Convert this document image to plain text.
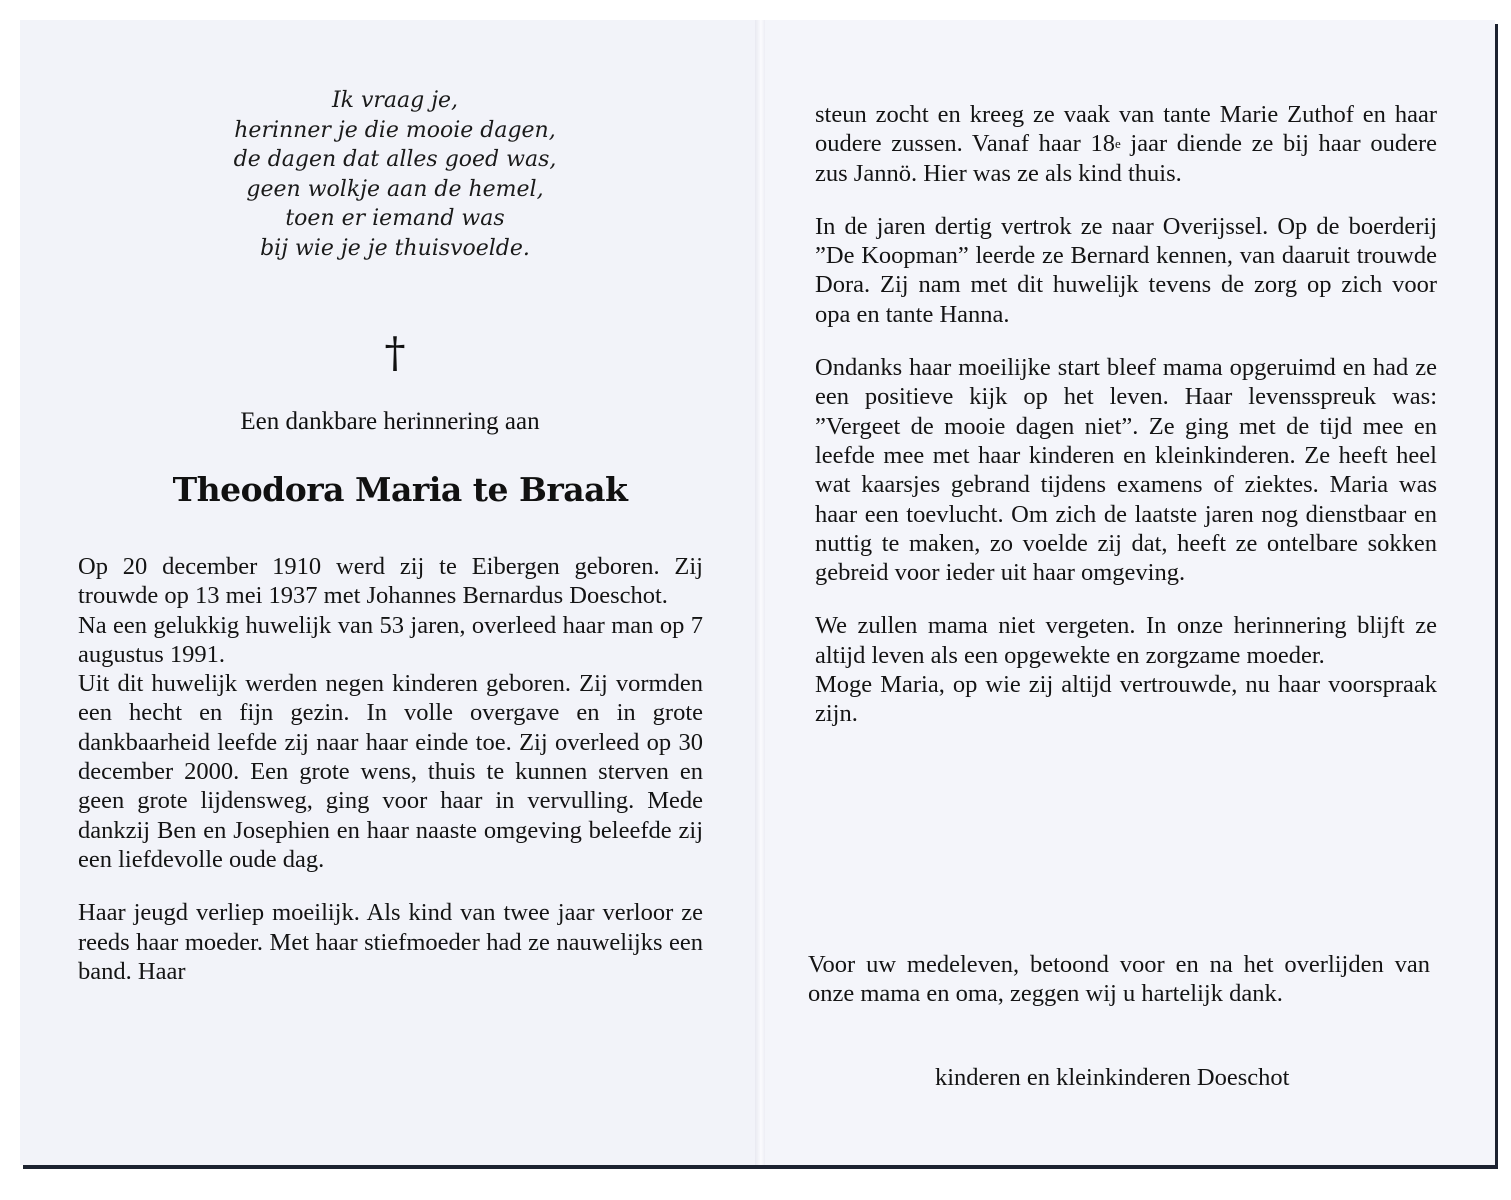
Ik vraag je,
herinner je die mooie dagen,
de dagen dat alles goed was,
geen wolkje aan de hemel,
toen er iemand was
bij wie je je thuisvoelde.
†
Een dankbare herinnering aan
Theodora Maria te Braak

Op 20 december 1910 werd zij te Eibergen geboren. Zij trouwde op 13 mei 1937 met Johannes Bernardus Doeschot.

Na een gelukkig huwelijk van 53 jaren, overleed haar man op 7 augustus 1991.

Uit dit huwelijk werden negen kinderen geboren. Zij vormden een hecht en fijn gezin. In volle overgave en in grote dankbaarheid leefde zij naar haar einde toe. Zij overleed op 30 december 2000. Een grote wens, thuis te kunnen sterven en geen grote lijdensweg, ging voor haar in vervulling. Mede dankzij Ben en Josephien en haar naaste omgeving beleefde zij een liefdevolle oude dag.

Haar jeugd verliep moeilijk. Als kind van twee jaar verloor ze reeds haar moeder. Met haar stiefmoeder had ze nauwelijks een band. Haar

steun zocht en kreeg ze vaak van tante Marie Zuthof en haar oudere zussen. Vanaf haar 18e jaar diende ze bij haar oudere zus Jannö. Hier was ze als kind thuis.

In de jaren dertig vertrok ze naar Overijssel. Op de boerderij ”De Koopman” leerde ze Bernard kennen, van daaruit trouwde Dora. Zij nam met dit huwelijk tevens de zorg op zich voor opa en tante Hanna.

Ondanks haar moeilijke start bleef mama opgeruimd en had ze een positieve kijk op het leven. Haar levensspreuk was: ”Vergeet de mooie dagen niet”. Ze ging met de tijd mee en leefde mee met haar kinderen en kleinkinderen. Ze heeft heel wat kaarsjes gebrand tijdens examens of ziektes. Maria was haar een toevlucht. Om zich de laatste jaren nog dienstbaar en nuttig te maken, zo voelde zij dat, heeft ze ontelbare sokken gebreid voor ieder uit haar omgeving.

We zullen mama niet vergeten. In onze herinnering blijft ze altijd leven als een opgewekte en zorgzame moeder.

Moge Maria, op wie zij altijd vertrouwde, nu haar voorspraak zijn.

Voor uw medeleven, betoond voor en na het overlijden van onze mama en oma, zeggen wij u hartelijk dank.
kinderen en kleinkinderen Doeschot
